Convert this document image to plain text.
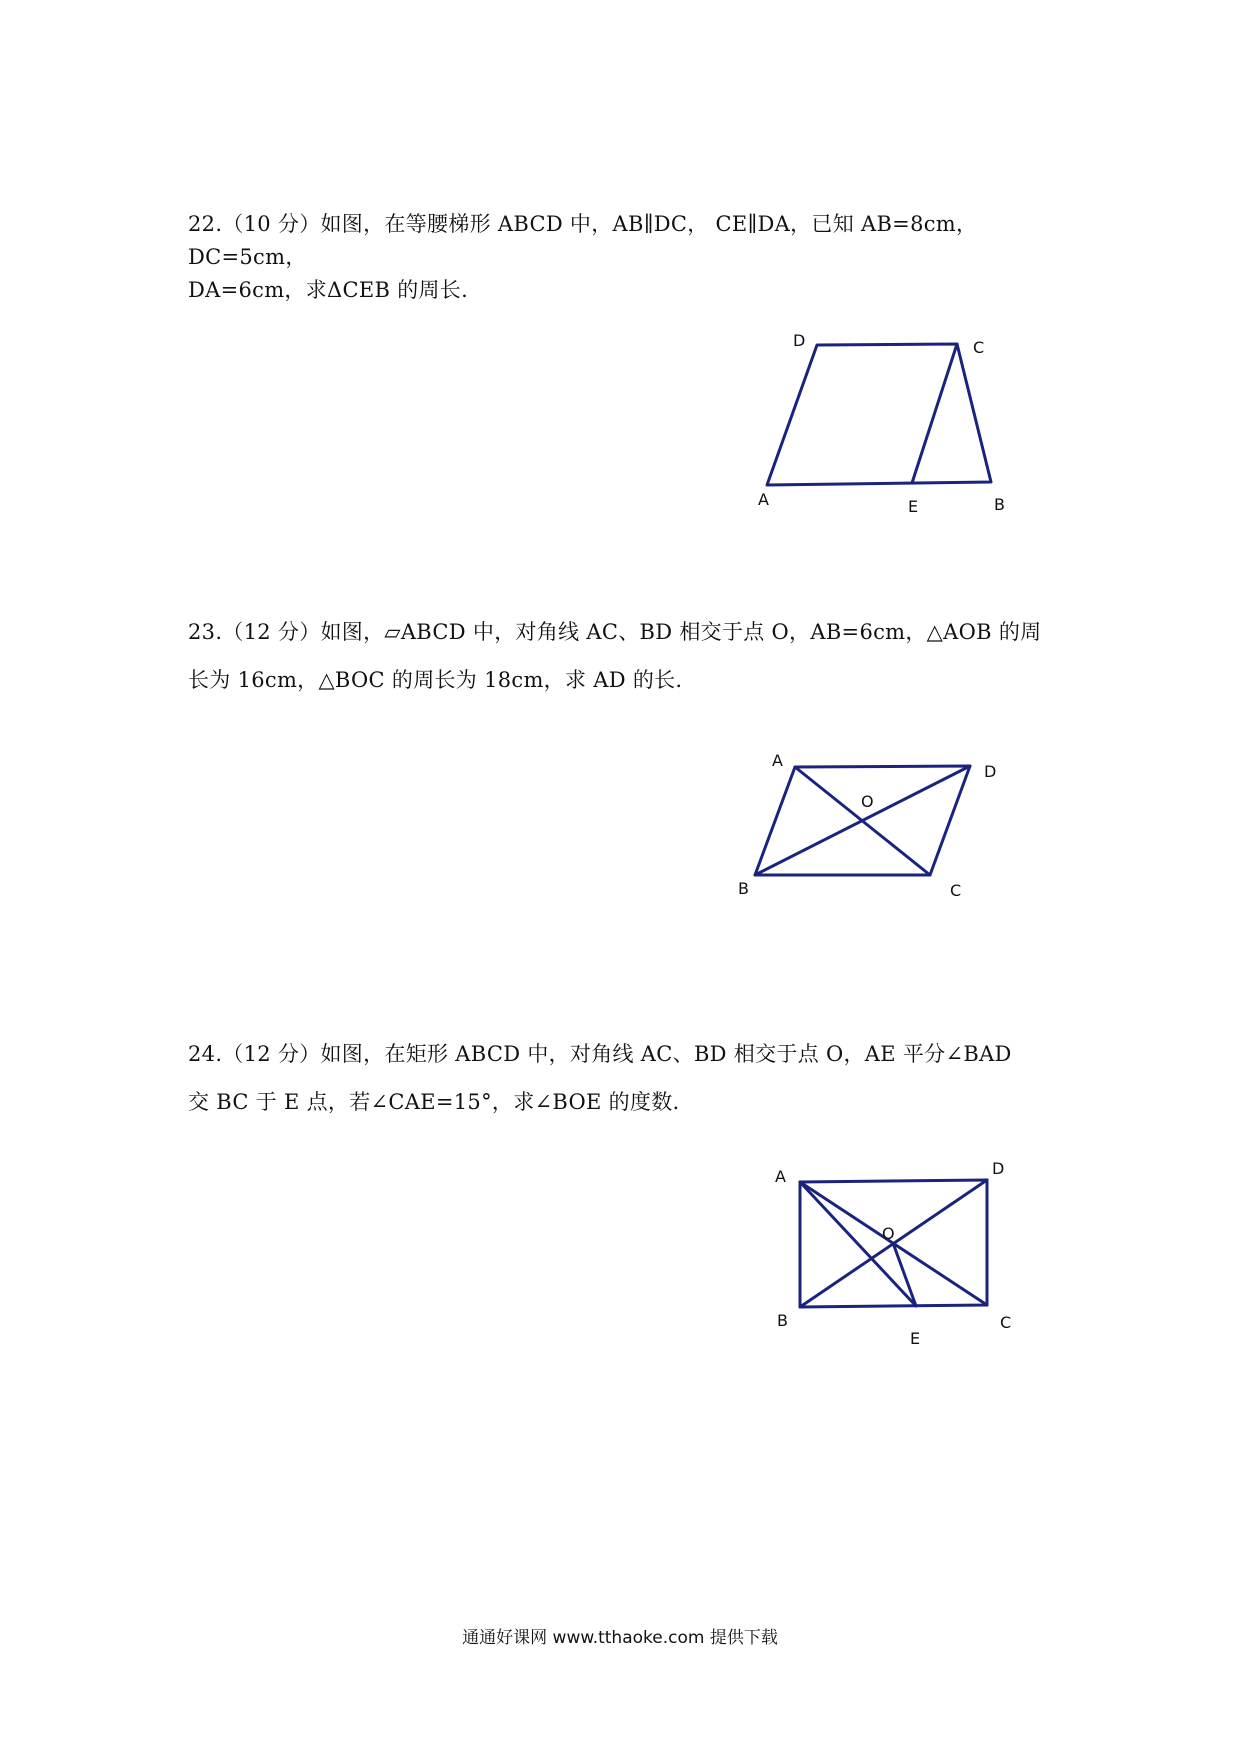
22.（10 分）如图，在等腰梯形 ABCD 中，AB∥DC， CE∥DA，已知 AB=8cm，DC=5cm，

DA=6cm，求ΔCEB 的周长.

D	C
A	E	B

23.（12 分）如图，▱ABCD 中，对角线 AC、BD 相交于点 O，AB=6cm，△AOB 的周

长为 16cm，△BOC 的周长为 18cm，求 AD 的长.

A
D
O
B	C

24.（12 分）如图，在矩形 ABCD 中，对角线 AC、BD 相交于点 O，AE 平分∠BAD

交 BC 于 E 点，若∠CAE=15°，求∠BOE 的度数.

A	D
O
B
E
C
通通好课网 www.tthaoke.com 提供下载
